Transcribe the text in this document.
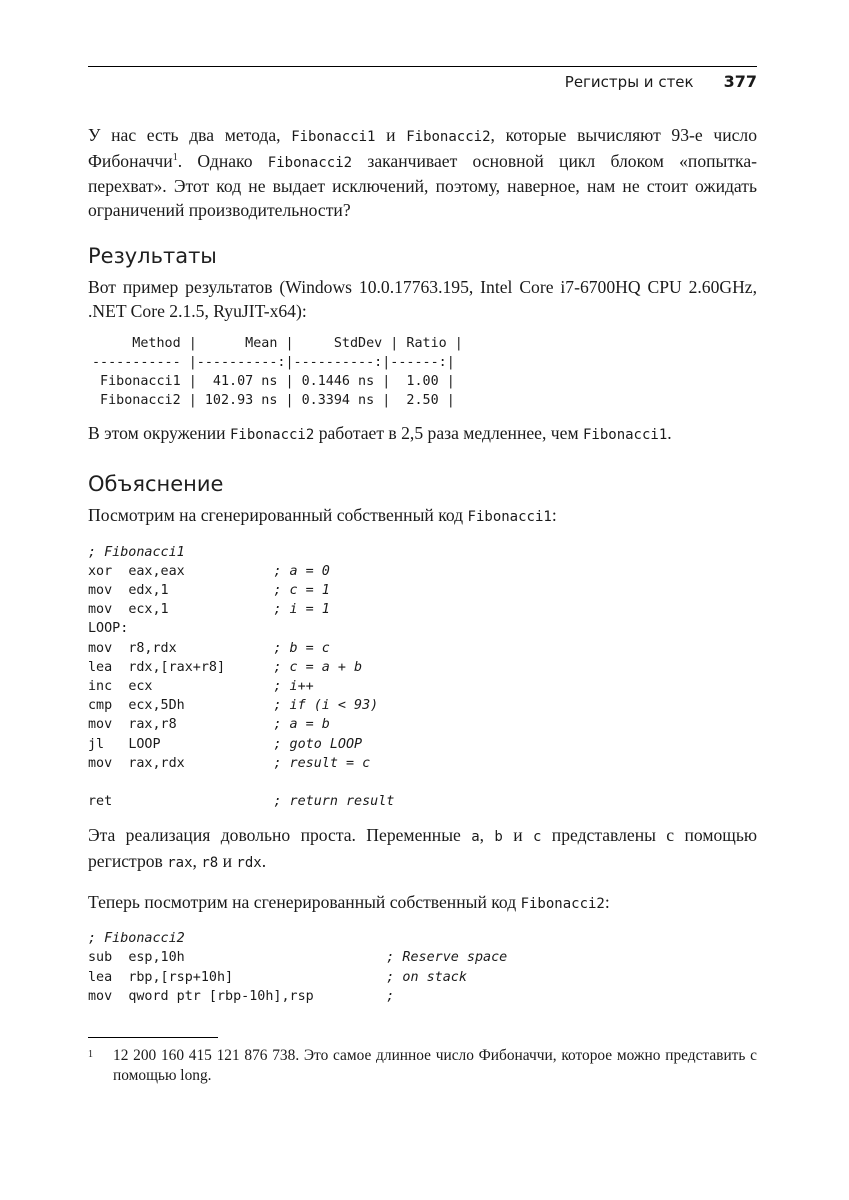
Регистры и стек 377

У нас есть два метода, Fibonacci1 и Fibonacci2, которые вычисляют 93-е число Фибоначчи$^1$. Однако Fibonacci2 заканчивает основной цикл блоком «попытка-перехват». Этот код не выдает исключений, поэтому, наверное, нам не стоит ожидать ограничений производительности?

Результаты

Вот пример результатов (Windows 10.0.17763.195, Intel Core i7-6700HQ CPU 2.60GHz, .NET Core 2.1.5, RyuJIT-x64):

Method |      Mean |     StdDev | Ratio |
----------- |----------:|----------:|------:|
Fibonacci1 |  41.07 ns | 0.1446 ns |  1.00 |
Fibonacci2 | 102.93 ns | 0.3394 ns |  2.50 |

В этом окружении Fibonacci2 работает в 2,5 раза медленнее, чем Fibonacci1.

Объяснение

Посмотрим на сгенерированный собственный код Fibonacci1:

; Fibonacci1
xor  eax,eax           ; a = 0
mov  edx,1             ; c = 1
mov  ecx,1             ; i = 1
LOOP:
mov  r8,rdx            ; b = c
lea  rdx,[rax+r8]      ; c = a + b
inc  ecx               ; i++
cmp  ecx,5Dh           ; if (i < 93)
mov  rax,r8            ; a = b
jl   LOOP              ; goto LOOP
mov  rax,rdx           ; result = c

ret	; return result

Эта реализация довольно проста. Переменные a, b и c представлены с помощью регистров rax, r8 и rdx.

Теперь посмотрим на сгенерированный собственный код Fibonacci2:

; Fibonacci2
sub  esp,10h                         ; Reserve space
lea  rbp,[rsp+10h]                   ; on stack
mov  qword ptr [rbp-10h],rsp         ;
1 12 200 160 415 121 876 738. Это самое длинное число Фибоначчи, которое можно представить с помощью long.
